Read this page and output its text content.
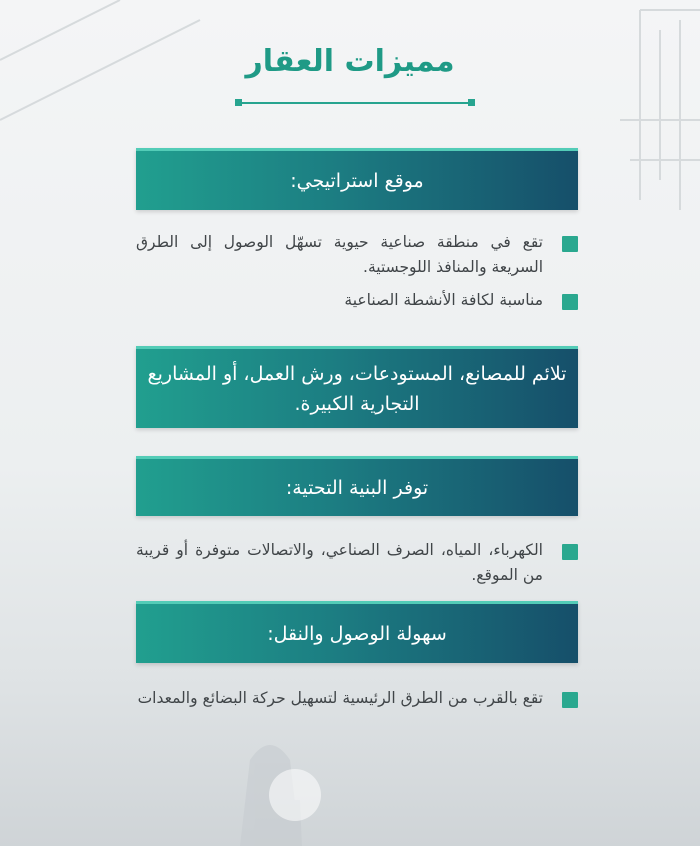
مميزات العقار
موقع استراتيجي:
تقع في منطقة صناعية حيوية تسهّل الوصول إلى الطرق السريعة والمنافذ اللوجستية.
مناسبة لكافة الأنشطة الصناعية
تلائم للمصانع، المستودعات، ورش العمل، أو المشاريع التجارية الكبيرة.
توفر البنية التحتية:
الكهرباء، المياه، الصرف الصناعي، والاتصالات متوفرة أو قريبة من الموقع.
سهولة الوصول والنقل:
تقع بالقرب من الطرق الرئيسية لتسهيل حركة البضائع والمعدات
